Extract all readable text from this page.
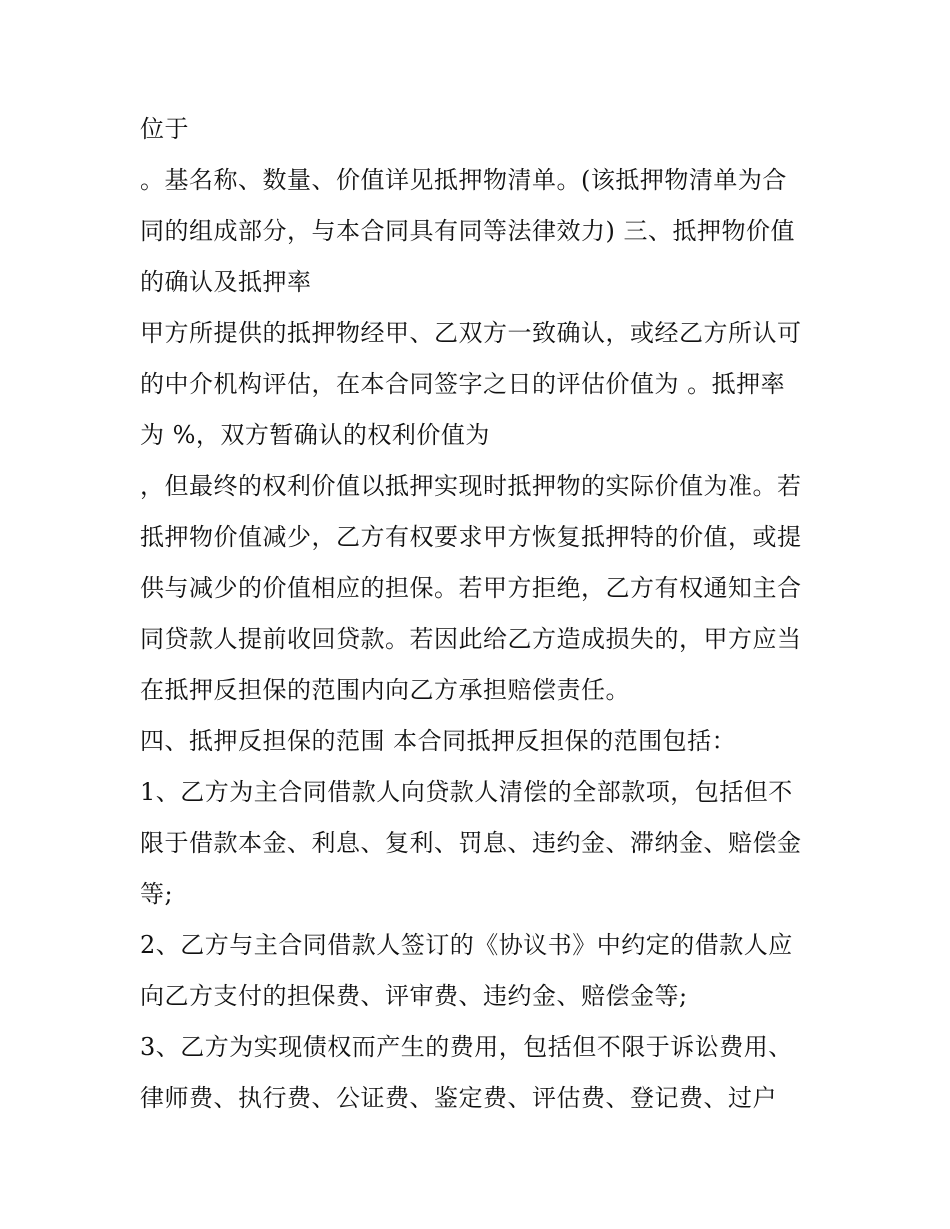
位于

。基名称、数量、价值详见抵押物清单。(该抵押物清单为合

同的组成部分，与本合同具有同等法律效力) 三、抵押物价值

的确认及抵押率

甲方所提供的抵押物经甲、乙双方一致确认，或经乙方所认可

的中介机构评估，在本合同签字之日的评估价值为 。抵押率

为 %，双方暂确认的权利价值为

，但最终的权利价值以抵押实现时抵押物的实际价值为准。若

抵押物价值减少，乙方有权要求甲方恢复抵押特的价值，或提

供与减少的价值相应的担保。若甲方拒绝，乙方有权通知主合

同贷款人提前收回贷款。若因此给乙方造成损失的，甲方应当

在抵押反担保的范围内向乙方承担赔偿责任。

四、抵押反担保的范围 本合同抵押反担保的范围包括：

1、乙方为主合同借款人向贷款人清偿的全部款项，包括但不

限于借款本金、利息、复利、罚息、违约金、滞纳金、赔偿金

等;

2、乙方与主合同借款人签订的《协议书》中约定的借款人应

向乙方支付的担保费、评审费、违约金、赔偿金等;

3、乙方为实现债权而产生的费用，包括但不限于诉讼费用、

律师费、执行费、公证费、鉴定费、评估费、登记费、过户
